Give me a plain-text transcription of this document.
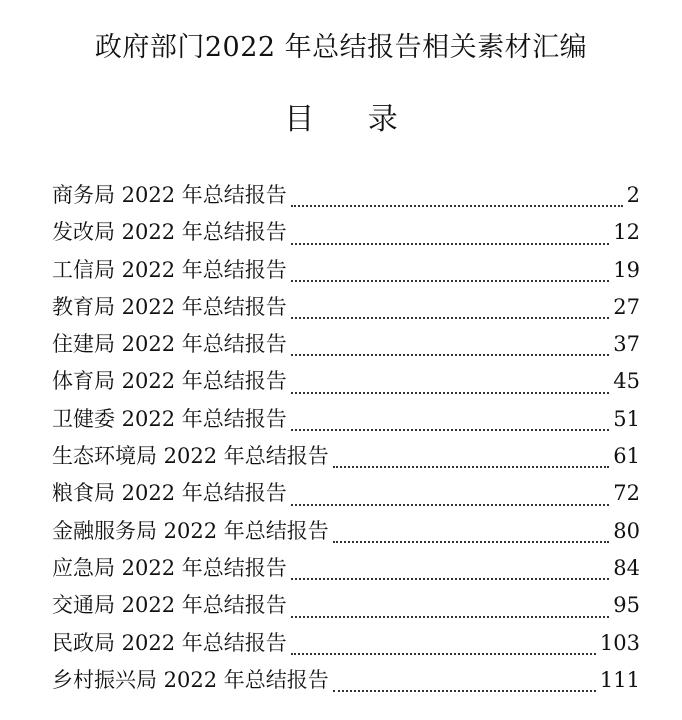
政府部门2022 年总结报告相关素材汇编
目 录
商务局 2022 年总结报告	2
发改局 2022 年总结报告	12
工信局 2022 年总结报告	19
教育局 2022 年总结报告	27
住建局 2022 年总结报告	37
体育局 2022 年总结报告	45
卫健委 2022 年总结报告	51
生态环境局 2022 年总结报告	61
粮食局 2022 年总结报告	72
金融服务局 2022 年总结报告	80
应急局 2022 年总结报告	84
交通局 2022 年总结报告	95
民政局 2022 年总结报告	103
乡村振兴局 2022 年总结报告	111
